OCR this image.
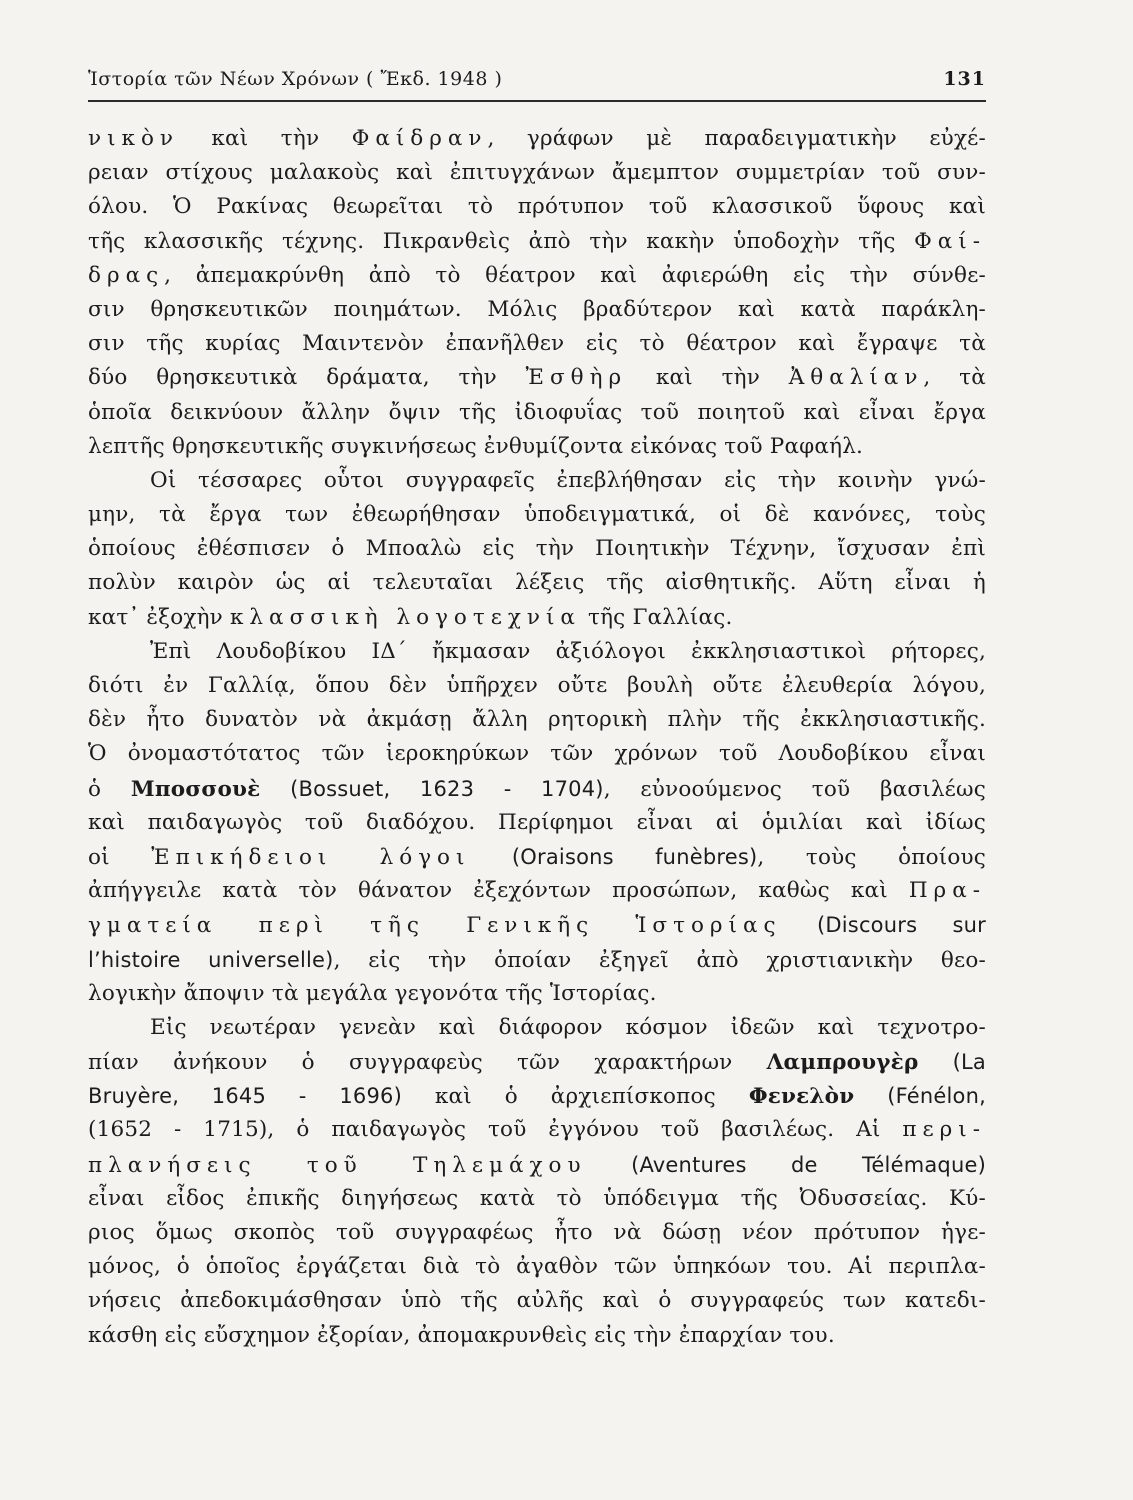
Ἱστορία τῶν Νέων Χρόνων ( Ἔκδ. 1948 )	131
νικὸν καὶ τὴν Φαίδραν, γράφων μὲ παραδειγματικὴν εὐχέ-
ρειαν στίχους μαλακοὺς καὶ ἐπιτυγχάνων ἄμεμπτον συμμετρίαν τοῦ συν-
όλου. Ὁ Ρακίνας θεωρεῖται τὸ πρότυπον τοῦ κλασσικοῦ ὕφους καὶ
τῆς κλασσικῆς τέχνης. Πικρανθεὶς ἀπὸ τὴν κακὴν ὑποδοχὴν τῆς Φαί-
δρας, ἀπεμακρύνθη ἀπὸ τὸ θέατρον καὶ ἀφιερώθη εἰς τὴν σύνθε-
σιν θρησκευτικῶν ποιημάτων. Μόλις βραδύτερον καὶ κατὰ παράκλη-
σιν τῆς κυρίας Μαιντενὸν ἐπανῆλθεν εἰς τὸ θέατρον καὶ ἔγραψε τὰ
δύο θρησκευτικὰ δράματα, τὴν Ἐσθὴρ καὶ τὴν Ἀθαλίαν, τὰ
ὁποῖα δεικνύουν ἄλλην ὄψιν τῆς ἰδιοφυΐας τοῦ ποιητοῦ καὶ εἶναι ἔργα
λεπτῆς θρησκευτικῆς συγκινήσεως ἐνθυμίζοντα εἰκόνας τοῦ Ραφαήλ.
Οἱ τέσσαρες οὗτοι συγγραφεῖς ἐπεβλήθησαν εἰς τὴν κοινὴν γνώ-
μην, τὰ ἔργα των ἐθεωρήθησαν ὑποδειγματικά, οἱ δὲ κανόνες, τοὺς
ὁποίους ἐθέσπισεν ὁ Μποαλὼ εἰς τὴν Ποιητικὴν Τέχνην, ἴσχυσαν ἐπὶ
πολὺν καιρὸν ὡς αἱ τελευταῖαι λέξεις τῆς αἰσθητικῆς. Αὕτη εἶναι ἡ
κατ᾽ ἐξοχὴν κλασσικὴ λογοτεχνία τῆς Γαλλίας.
Ἐπὶ Λουδοβίκου ΙΔ΄ ἤκμασαν ἀξιόλογοι ἐκκλησιαστικοὶ ρήτορες,
διότι ἐν Γαλλίᾳ, ὅπου δὲν ὑπῆρχεν οὔτε βουλὴ οὔτε ἐλευθερία λόγου,
δὲν ἦτο δυνατὸν νὰ ἀκμάσῃ ἄλλη ρητορικὴ πλὴν τῆς ἐκκλησιαστικῆς.
Ὁ ὀνομαστότατος τῶν ἱεροκηρύκων τῶν χρόνων τοῦ Λουδοβίκου εἶναι
ὁ Μποσσουὲ (Bossuet, 1623 - 1704), εὐνοούμενος τοῦ βασιλέως
καὶ παιδαγωγὸς τοῦ διαδόχου. Περίφημοι εἶναι αἱ ὁμιλίαι καὶ ἰδίως
οἱ Ἐπικήδειοι λόγοι (Oraisons funèbres), τοὺς ὁποίους
ἀπήγγειλε κατὰ τὸν θάνατον ἐξεχόντων προσώπων, καθὼς καὶ Πρα-
γματεία περὶ τῆς Γενικῆς Ἱστορίας (Discours sur
l’histoire universelle), εἰς τὴν ὁποίαν ἐξηγεῖ ἀπὸ χριστιανικὴν θεο-
λογικὴν ἄποψιν τὰ μεγάλα γεγονότα τῆς Ἱστορίας.
Εἰς νεωτέραν γενεὰν καὶ διάφορον κόσμον ἰδεῶν καὶ τεχνοτρο-
πίαν ἀνήκουν ὁ συγγραφεὺς τῶν χαρακτήρων Λαμπρουγὲρ (La
Bruyère, 1645 - 1696) καὶ ὁ ἀρχιεπίσκοπος Φενελὸν (Fénélon,
(1652 - 1715), ὁ παιδαγωγὸς τοῦ ἐγγόνου τοῦ βασιλέως. Αἱ περι-
πλανήσεις τοῦ Τηλεμάχου (Aventures de Télémaque)
εἶναι εἶδος ἐπικῆς διηγήσεως κατὰ τὸ ὑπόδειγμα τῆς Ὀδυσσείας. Κύ-
ριος ὅμως σκοπὸς τοῦ συγγραφέως ἦτο νὰ δώσῃ νέον πρότυπον ἡγε-
μόνος, ὁ ὁποῖος ἐργάζεται διὰ τὸ ἀγαθὸν τῶν ὑπηκόων του. Αἱ περιπλα-
νήσεις ἀπεδοκιμάσθησαν ὑπὸ τῆς αὐλῆς καὶ ὁ συγγραφεύς των κατεδι-
κάσθη εἰς εὔσχημον ἐξορίαν, ἀπομακρυνθεὶς εἰς τὴν ἐπαρχίαν του.
